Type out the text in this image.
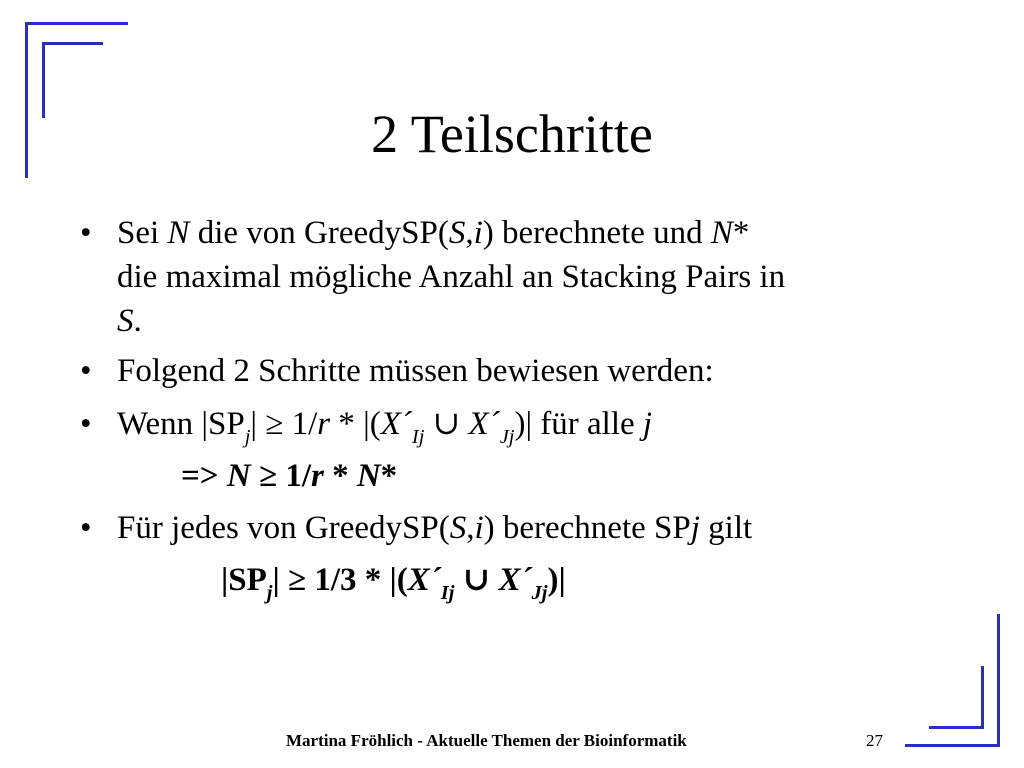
2 Teilschritte
•
•
•
•
Sei N die von GreedySP(S,i) berechnete und N*
die maximal mögliche Anzahl an Stacking Pairs in
S.
Folgend 2 Schritte müssen bewiesen werden:
Wenn $|SP_j| \ge 1/r$ * $|(X´_{Ij}$ ∪ $X´_{Jj})|$ für alle j
=> N ≥ 1/r * N*
Für jedes von GreedySP(S,i) berechnete SPj gilt
$|SP_j| \ge 1/3$ * $|(X´_{Ij}$ ∪ $X´_{Jj})|$
Martina Fröhlich - Aktuelle Themen der Bioinformatik	27
